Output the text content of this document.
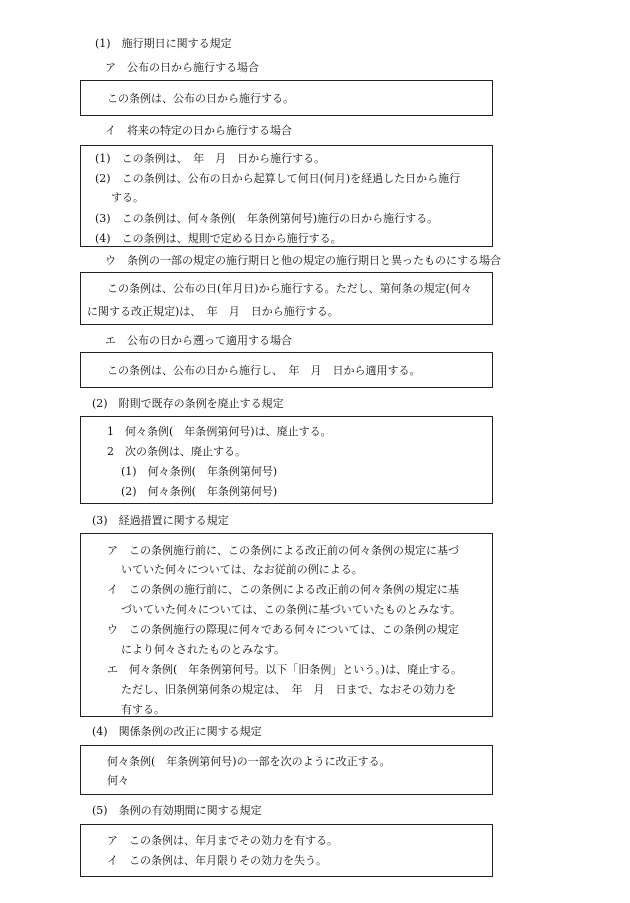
(1)　施行期日に関する規定
ア　公布の日から施行する場合
この条例は、公布の日から施行する。
イ　将来の特定の日から施行する場合
(1)　この条例は、　年　月　日から施行する。
(2)　この条例は、公布の日から起算して何日(何月)を経過した日から施行
する。
(3)　この条例は、何々条例(　年条例第何号)施行の日から施行する。
(4)　この条例は、規則で定める日から施行する。
ウ　条例の一部の規定の施行期日と他の規定の施行期日と異ったものにする場合
この条例は、公布の日(年月日)から施行する。ただし、第何条の規定(何々
に関する改正規定)は、　年　月　日から施行する。
エ　公布の日から遡って適用する場合
この条例は、公布の日から施行し、　年　月　日から適用する。
(2)　附則で既存の条例を廃止する規定
1　何々条例(　年条例第何号)は、廃止する。
2　次の条例は、廃止する。
(1)　何々条例(　年条例第何号)
(2)　何々条例(　年条例第何号)
(3)　経過措置に関する規定
ア　この条例施行前に、この条例による改正前の何々条例の規定に基づ
いていた何々については、なお従前の例による。
イ　この条例の施行前に、この条例による改正前の何々条例の規定に基
づいていた何々については、この条例に基づいていたものとみなす。
ウ　この条例施行の際現に何々である何々については、この条例の規定
により何々されたものとみなす。
エ　何々条例(　年条例第何号。以下「旧条例」という。)は、廃止する。
ただし、旧条例第何条の規定は、　年　月　日まで、なおその効力を
有する。
(4)　関係条例の改正に関する規定
何々条例(　年条例第何号)の一部を次のように改正する。
何々
(5)　条例の有効期間に関する規定
ア　この条例は、年月までその効力を有する。
イ　この条例は、年月限りその効力を失う。
